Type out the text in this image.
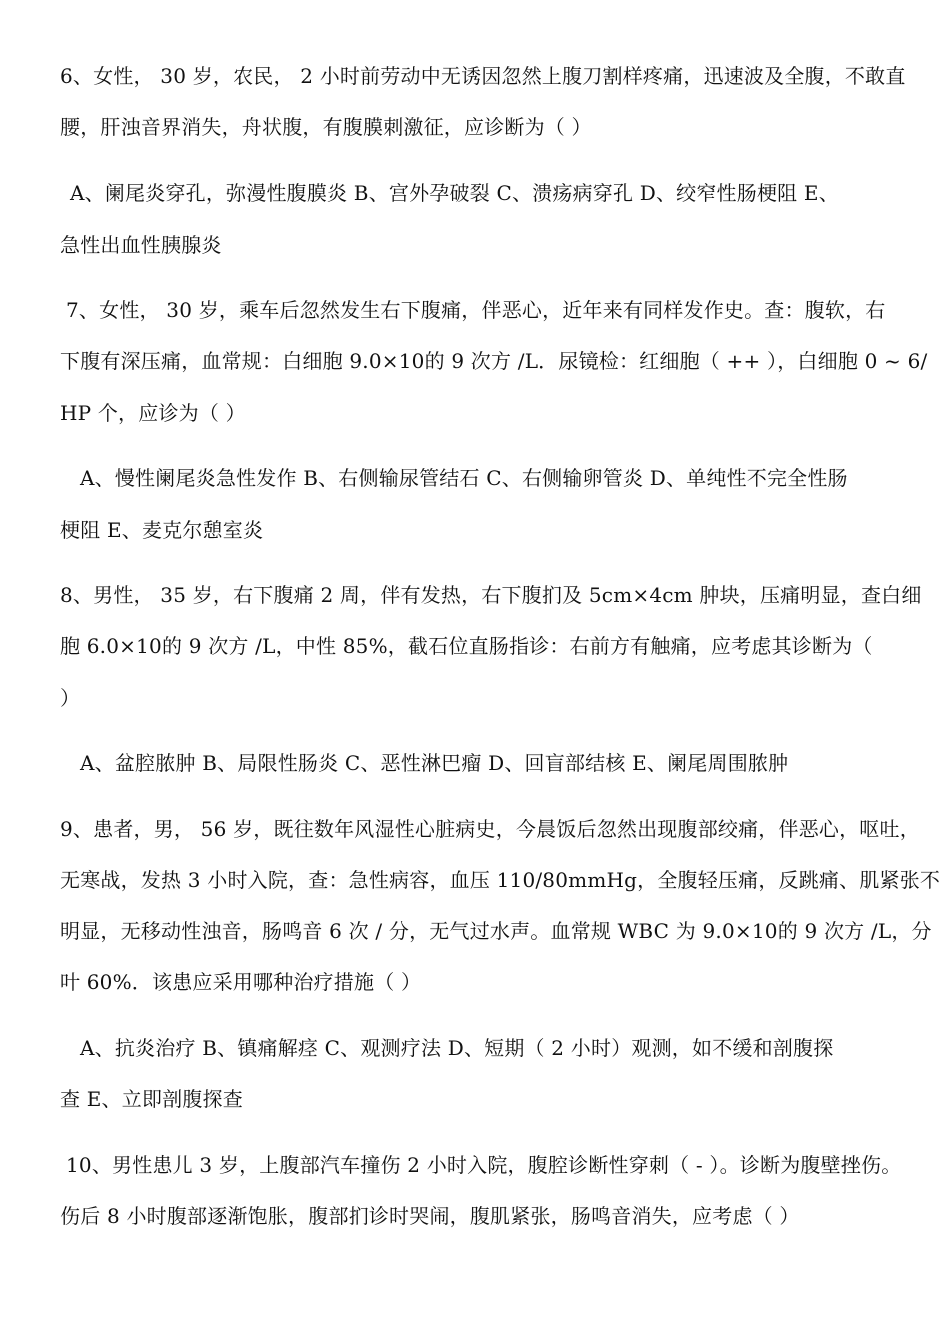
6、女性， 30 岁，农民， 2 小时前劳动中无诱因忽然上腹刀割样疼痛，迅速波及全腹，不敢直
腰，肝浊音界消失，舟状腹，有腹膜刺激征，应诊断为（ ）
A、阑尾炎穿孔，弥漫性腹膜炎 B、宫外孕破裂 C、溃疡病穿孔 D、绞窄性肠梗阻 E、
急性出血性胰腺炎
7、女性， 30 岁，乘车后忽然发生右下腹痛，伴恶心，近年来有同样发作史。查：腹软，右
下腹有深压痛，血常规：白细胞 9.0×10的 9 次方 /L．尿镜检：红细胞（ ++ ），白细胞 0 ~ 6/
HP 个，应诊为（ ）
A、慢性阑尾炎急性发作 B、右侧输尿管结石 C、右侧输卵管炎 D、单纯性不完全性肠
梗阻 E、麦克尔憩室炎
8、男性， 35 岁，右下腹痛 2 周，伴有发热，右下腹扪及 5cm×4cm 肿块，压痛明显，查白细
胞 6.0×10的 9 次方 /L，中性 85%，截石位直肠指诊：右前方有触痛，应考虑其诊断为（
）
A、盆腔脓肿 B、局限性肠炎 C、恶性淋巴瘤 D、回盲部结核 E、阑尾周围脓肿
9、患者，男， 56 岁，既往数年风湿性心脏病史，今晨饭后忽然出现腹部绞痛，伴恶心，呕吐，
无寒战，发热 3 小时入院，查：急性病容，血压 110/80mmHg，全腹轻压痛，反跳痛、肌紧张不
明显，无移动性浊音，肠鸣音 6 次 / 分，无气过水声。血常规 WBC 为 9.0×10的 9 次方 /L，分
叶 60%．该患应采用哪种治疗措施（ ）
A、抗炎治疗 B、镇痛解痉 C、观测疗法 D、短期（ 2 小时）观测，如不缓和剖腹探
查 E、立即剖腹探查
10、男性患儿 3 岁，上腹部汽车撞伤 2 小时入院，腹腔诊断性穿刺（ - ）。诊断为腹壁挫伤。
伤后 8 小时腹部逐渐饱胀，腹部扪诊时哭闹，腹肌紧张，肠鸣音消失，应考虑（ ）
